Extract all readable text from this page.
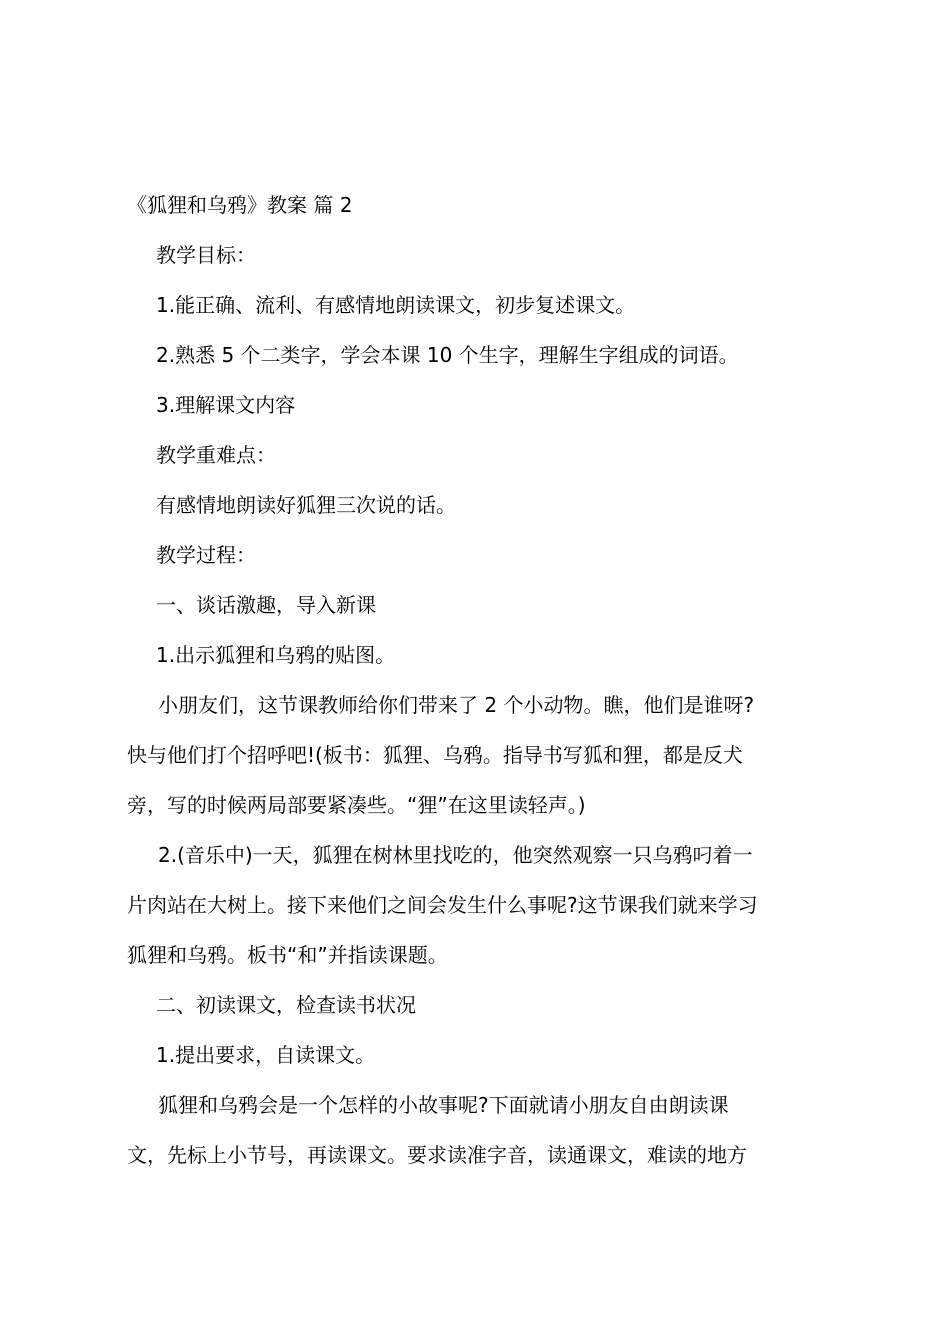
《狐狸和乌鸦》教案 篇 2
教学目标：
1.能正确、流利、有感情地朗读课文，初步复述课文。
2.熟悉 5 个二类字，学会本课 10 个生字，理解生字组成的词语。
3.理解课文内容
教学重难点：
有感情地朗读好狐狸三次说的话。
教学过程：
一、谈话激趣，导入新课
1.出示狐狸和乌鸦的贴图。
小朋友们，这节课教师给你们带来了 2 个小动物。瞧，他们是谁呀?
快与他们打个招呼吧!(板书：狐狸、乌鸦。指导书写狐和狸，都是反犬
旁，写的时候两局部要紧凑些。“狸”在这里读轻声。)
2.(音乐中)一天，狐狸在树林里找吃的，他突然观察一只乌鸦叼着一
片肉站在大树上。接下来他们之间会发生什么事呢?这节课我们就来学习
狐狸和乌鸦。板书“和”并指读课题。
二、初读课文，检查读书状况
1.提出要求，自读课文。
狐狸和乌鸦会是一个怎样的小故事呢?下面就请小朋友自由朗读课
文，先标上小节号，再读课文。要求读准字音，读通课文，难读的地方
